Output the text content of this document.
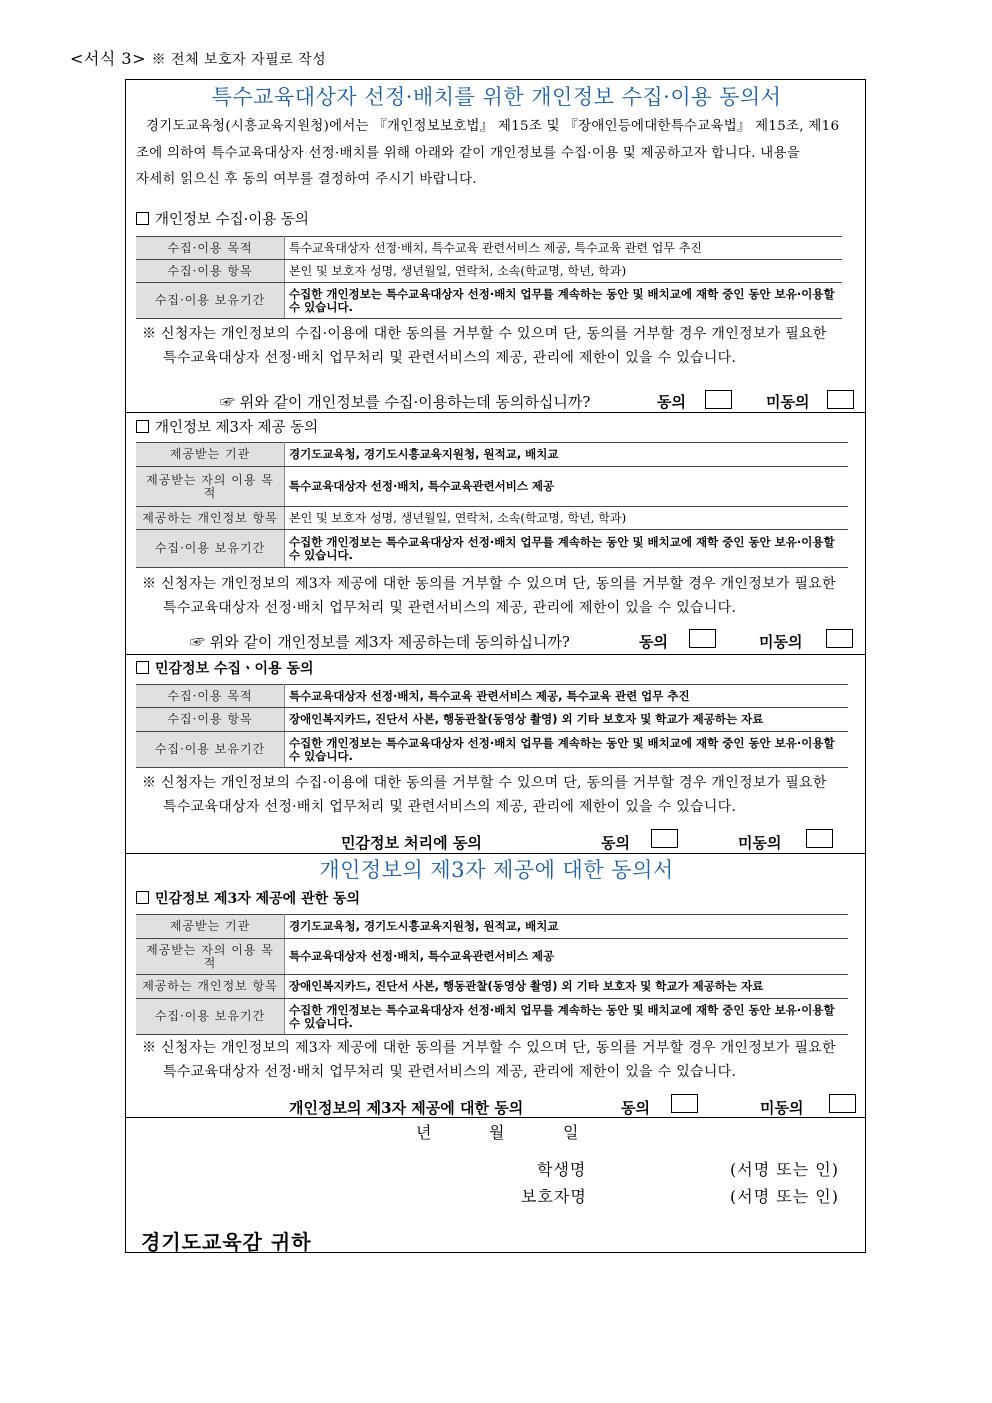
<서식 3> ※ 전체 보호자 자필로 작성
특수교육대상자 선정·배치를 위한 개인정보 수집·이용 동의서
경기도교육청(시흥교육지원청)에서는 『개인정보보호법』 제15조 및 『장애인등에대한특수교육법』 제15조, 제16
조에 의하여 특수교육대상자 선정·배치를 위해 아래와 같이 개인정보를 수집·이용 및 제공하고자 합니다. 내용을
자세히 읽으신 후 동의 여부를 결정하여 주시기 바랍니다.
개인정보 수집·이용 동의
수집·이용 목적	특수교육대상자 선정·배치, 특수교육 관련서비스 제공, 특수교육 관련 업무 추진
수집·이용 항목	본인 및 보호자 성명, 생년월일, 연락처, 소속(학교명, 학년, 학과)
수집·이용 보유기간	수집한 개인정보는 특수교육대상자 선정·배치 업무를 계속하는 동안 및 배치교에 재학 중인 동안 보유·이용할 수 있습니다.
※ 신청자는 개인정보의 수집·이용에 대한 동의를 거부할 수 있으며 단, 동의를 거부할 경우 개인정보가 필요한
특수교육대상자 선정·배치 업무처리 및 관련서비스의 제공, 관리에 제한이 있을 수 있습니다.
☞ 위와 같이 개인정보를 수집·이용하는데 동의하십니까?	동의	미동의
개인정보 제3자 제공 동의
제공받는 기관	경기도교육청, 경기도시흥교육지원청, 원적교, 배치교
제공받는 자의 이용 목적	특수교육대상자 선정·배치, 특수교육관련서비스 제공
제공하는 개인정보 항목	본인 및 보호자 성명, 생년월일, 연락처, 소속(학교명, 학년, 학과)
수집·이용 보유기간	수집한 개인정보는 특수교육대상자 선정·배치 업무를 계속하는 동안 및 배치교에 재학 중인 동안 보유·이용할 수 있습니다.
※ 신청자는 개인정보의 제3자 제공에 대한 동의를 거부할 수 있으며 단, 동의를 거부할 경우 개인정보가 필요한
특수교육대상자 선정·배치 업무처리 및 관련서비스의 제공, 관리에 제한이 있을 수 있습니다.
☞ 위와 같이 개인정보를 제3자 제공하는데 동의하십니까?	동의	미동의
민감정보 수집ㆍ이용 동의
수집·이용 목적	특수교육대상자 선정·배치, 특수교육 관련서비스 제공, 특수교육 관련 업무 추진
수집·이용 항목	장애인복지카드, 진단서 사본, 행동관찰(동영상 촬영) 외 기타 보호자 및 학교가 제공하는 자료
수집·이용 보유기간	수집한 개인정보는 특수교육대상자 선정·배치 업무를 계속하는 동안 및 배치교에 재학 중인 동안 보유·이용할 수 있습니다.
※ 신청자는 개인정보의 수집·이용에 대한 동의를 거부할 수 있으며 단, 동의를 거부할 경우 개인정보가 필요한
특수교육대상자 선정·배치 업무처리 및 관련서비스의 제공, 관리에 제한이 있을 수 있습니다.
민감정보 처리에 동의	동의	미동의
개인정보의 제3자 제공에 대한 동의서
민감정보 제3자 제공에 관한 동의
제공받는 기관	경기도교육청, 경기도시흥교육지원청, 원적교, 배치교
제공받는 자의 이용 목적	특수교육대상자 선정·배치, 특수교육관련서비스 제공
제공하는 개인정보 항목	장애인복지카드, 진단서 사본, 행동관찰(동영상 촬영) 외 기타 보호자 및 학교가 제공하는 자료
수집·이용 보유기간	수집한 개인정보는 특수교육대상자 선정·배치 업무를 계속하는 동안 및 배치교에 재학 중인 동안 보유·이용할 수 있습니다.
※ 신청자는 개인정보의 제3자 제공에 대한 동의를 거부할 수 있으며 단, 동의를 거부할 경우 개인정보가 필요한
특수교육대상자 선정·배치 업무처리 및 관련서비스의 제공, 관리에 제한이 있을 수 있습니다.
개인정보의 제3자 제공에 대한 동의	동의	미동의
년	월	일
학생명	(서명 또는 인)
보호자명	(서명 또는 인)
경기도교육감 귀하
